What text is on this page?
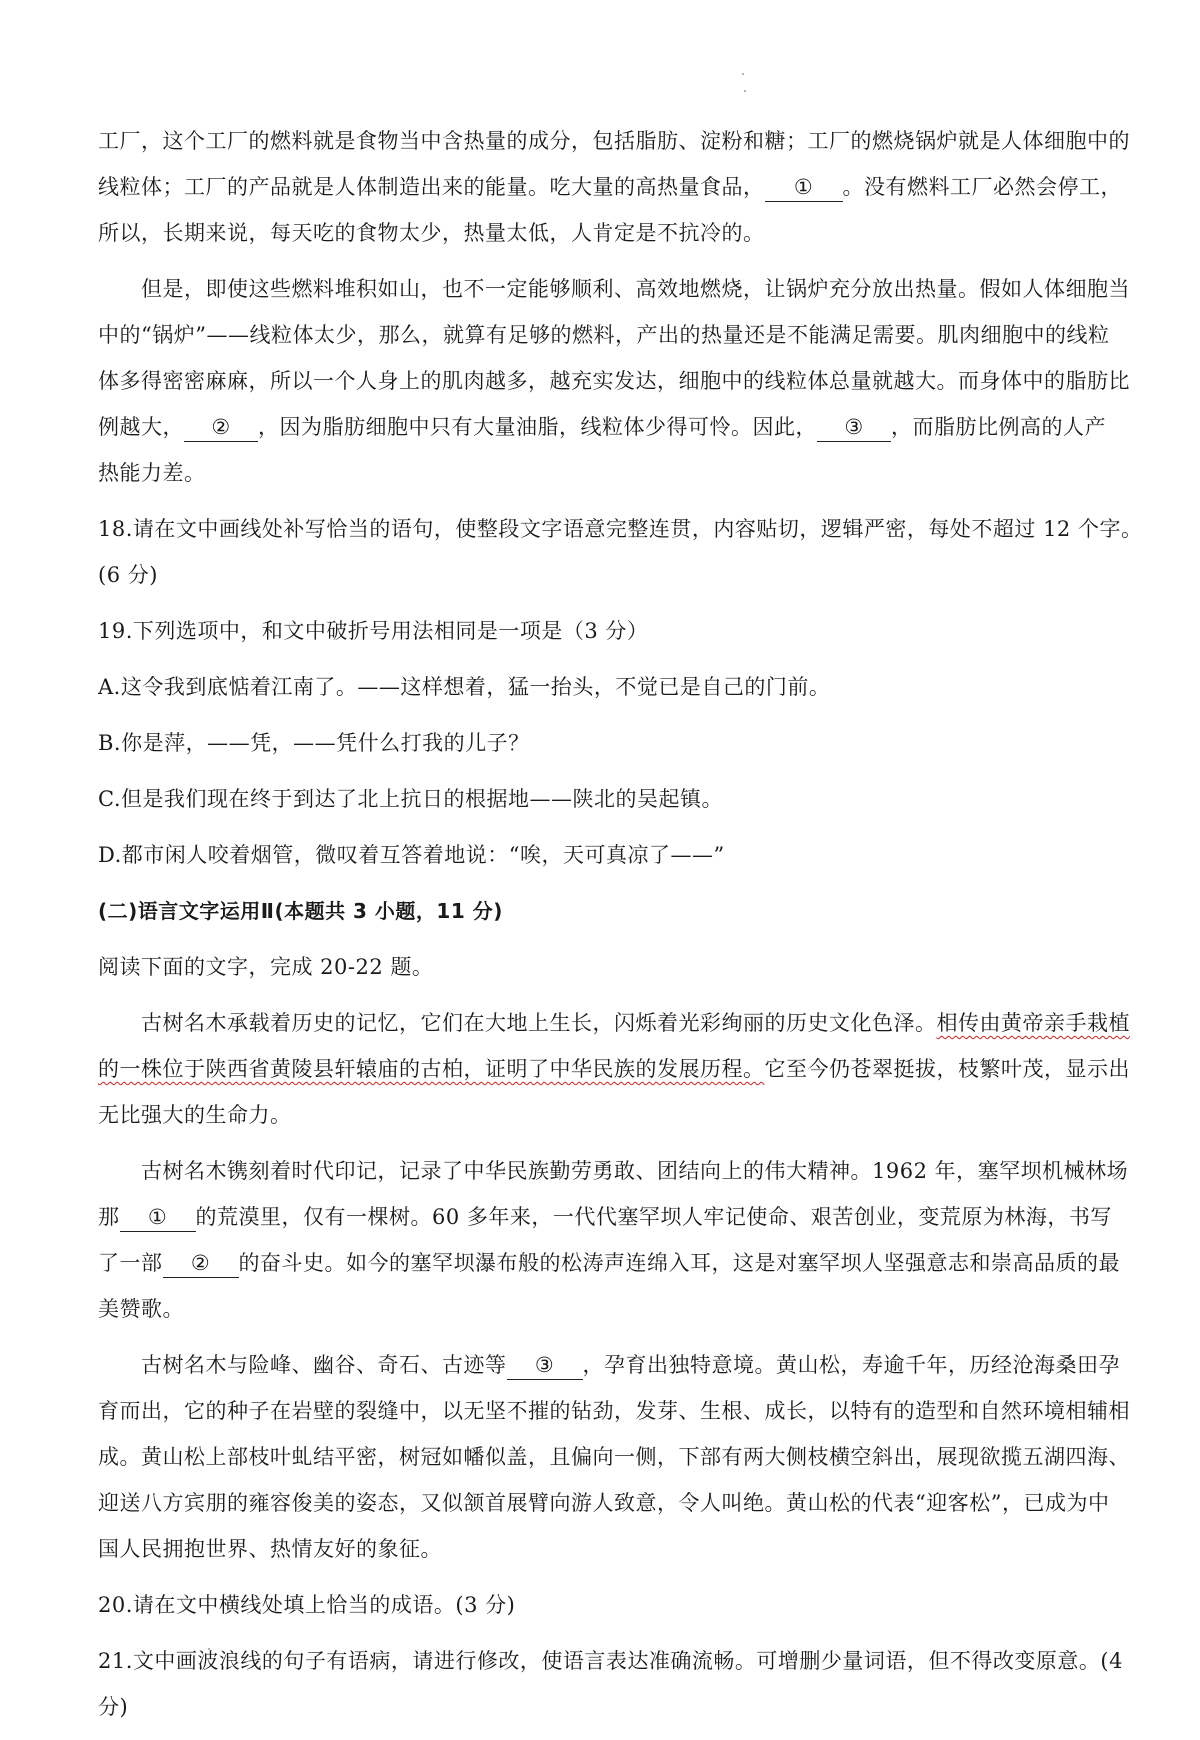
工厂，这个工厂的燃料就是食物当中含热量的成分，包括脂肪、淀粉和糖；工厂的燃烧锅炉就是人体细胞中的
线粒体；工厂的产品就是人体制造出来的能量。吃大量的高热量食品， ① 。没有燃料工厂必然会停工，
所以，长期来说，每天吃的食物太少，热量太低，人肯定是不抗冷的。
但是，即使这些燃料堆积如山，也不一定能够顺利、高效地燃烧，让锅炉充分放出热量。假如人体细胞当
中的“锅炉”——线粒体太少，那么，就算有足够的燃料，产出的热量还是不能满足需要。肌肉细胞中的线粒
体多得密密麻麻，所以一个人身上的肌肉越多，越充实发达，细胞中的线粒体总量就越大。而身体中的脂肪比
例越大， ② ，因为脂肪细胞中只有大量油脂，线粒体少得可怜。因此， ③ ，而脂肪比例高的人产
热能力差。
18.请在文中画线处补写恰当的语句，使整段文字语意完整连贯，内容贴切，逻辑严密，每处不超过 12 个字。
(6 分)
19.下列选项中，和文中破折号用法相同是一项是（3 分）
A.这令我到底惦着江南了。——这样想着，猛一抬头，不觉已是自己的门前。
B.你是萍，——凭，——凭什么打我的儿子？
C.但是我们现在终于到达了北上抗日的根据地——陕北的吴起镇。
D.都市闲人咬着烟管，微叹着互答着地说：“唉，天可真凉了——”
(二)语言文字运用Ⅱ(本题共 3 小题，11 分)
阅读下面的文字，完成 20-22 题。
古树名木承载着历史的记忆，它们在大地上生长，闪烁着光彩绚丽的历史文化色泽。相传由黄帝亲手栽植
的一株位于陕西省黄陵县轩辕庙的古柏，证明了中华民族的发展历程。它至今仍苍翠挺拔，枝繁叶茂，显示出
无比强大的生命力。
古树名木镌刻着时代印记，记录了中华民族勤劳勇敢、团结向上的伟大精神。1962 年，塞罕坝机械林场
那 ① 的荒漠里，仅有一棵树。60 多年来，一代代塞罕坝人牢记使命、艰苦创业，变荒原为林海，书写
了一部 ② 的奋斗史。如今的塞罕坝瀑布般的松涛声连绵入耳，这是对塞罕坝人坚强意志和崇高品质的最
美赞歌。
古树名木与险峰、幽谷、奇石、古迹等 ③ ，孕育出独特意境。黄山松，寿逾千年，历经沧海桑田孕
育而出，它的种子在岩壁的裂缝中，以无坚不摧的钻劲，发芽、生根、成长，以特有的造型和自然环境相辅相
成。黄山松上部枝叶虬结平密，树冠如幡似盖，且偏向一侧，下部有两大侧枝横空斜出，展现欲揽五湖四海、
迎送八方宾朋的雍容俊美的姿态，又似颔首展臂向游人致意，令人叫绝。黄山松的代表“迎客松”，已成为中
国人民拥抱世界、热情友好的象征。
20.请在文中横线处填上恰当的成语。(3 分)
21.文中画波浪线的句子有语病，请进行修改，使语言表达准确流畅。可增删少量词语，但不得改变原意。(4
分)
